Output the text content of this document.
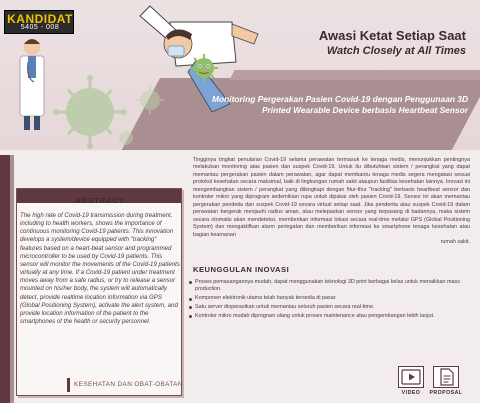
KANDIDAT
5405 - 008
Awasi Ketat Setiap Saat
Watch Closely at All Times
Monitoring Pergerakan Pasien Covid-19 dengan Penggunaan 3D
Printed Wearable Device berbasis Heartbeat Sensor
ABSTRACT
The high rate of Covid-19 transmission during treatment, including to health workers, shows the importance of continuous monitoring Covid-19 patients. This innovation develops a system/device equipped with "tracking" features based on a heart-beat sensor and programmed microcontroller to be used by Covid-19 patients. This sensor will monitor the movements of the Covid-19 patients virtually at any time. If a Covid-19 patient under treatment moves away from a safe radius, or try to release a sensor mounted on his/her body, the system will automatically detect, provide realtime location information via GPS (Global Positioning System), activate the alert system, and provide location information of the patient to the smartphones of the health or security personnel.
Tingginya tingkat penularan Covid-19 selama perawatan termasuk ke tenaga medis, menunjukkan pentingnya melakukan monitoring atas pasien dan suspek Covid-19. Untuk itu dibutuhkan sistem / perangkat yang dapat memantau pergerakan pasien dalam perawatan, agar dapat membantu tenaga medis segera mengatasi sesuai protokol kesehatan secara maksimal, baik di lingkungan rumah sakit ataupun fasilitas kesehatan lainnya. Inovasi ini mengembangkan sistem / perangkat yang dilengkapi dengan fitur-fitur "tracking" berbasis heartbeat sensor dan kontroler mikro yang diprogram sedemikian rupa untuk dipakai oleh pasien Covid-19. Sensor ini akan memantau pergerakan pendeita dan suspek Covid-19 secara virtual setiap saat. Jika penderita atau suspek Covid-19 dalam perawatan bergerak menjauhi radius aman, atau melepaskan sensor yang terpasang di badannya, maka sistem secara otomatis akan mendeteksi, memberikan informasi lokasi secara real-time melalui GPS (Global Positioning System) dan mengaktifkan alarm peringatan dan memberikan informasi ke smartphone tenaga kesehatan atau bagian keamanan
rumah sakit.
KEUNGGULAN INOVASI
Proses pemasangannya mudah, dapat menggunakan teknologi 3D print berbagai kelas untuk menaikkan mass production.
Komponen elektronik utama telah banyak tersedia di pasar.
Satu server dioperasikan untuk memantau seluruh pasien secara real-time.
Kontroler mikro mudah diprogram ulang untuk proses maintenance atau pengembangan lebih lanjut.
KESEHATAN DAN OBAT-OBATAN
VIDEO	PROPOSAL
